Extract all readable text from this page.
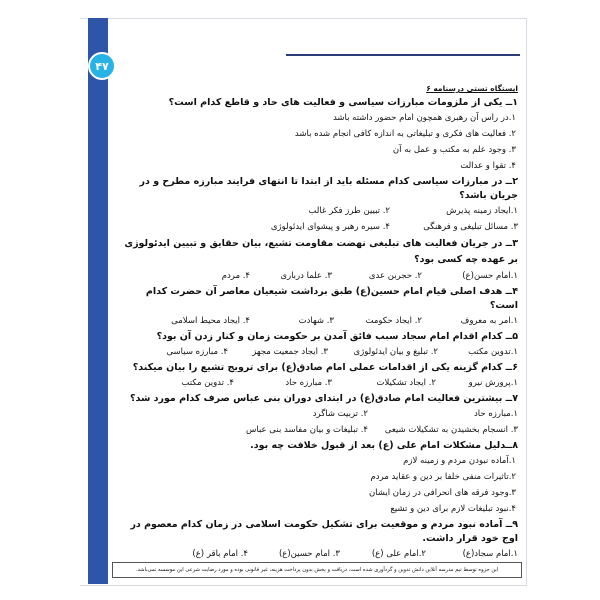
۴۷
ایستگاه تستی درسنامه ۶
۱ــ یکی از ملزومات مبارزات سیاسی و فعالیت های حاد و قاطع کدام است؟
۱.در راس آن رهبری همچون امام حضور داشته باشد
۲. فعالیت های فکری و تبلیغاتی به اندازه کافی انجام شده باشد
۳. وجود علم به مکتب و عمل به آن
۴. تقوا و عدالت
۲ــ در مبارزات سیاسی کدام مسئله باید از ابتدا تا انتهای فرایند مبارزه مطرح و در جریان باشد؟
۱.ایجاد زمینه پذیرش
۲. تبیین طرز فکر غالب
۳. مسائل تبلیغی و فرهنگی
۴. سیره رهبر و پیشوای ایدئولوژی
۳ــ در جریان فعالیت های تبلیغی نهضت مقاومت تشیع، بیان حقایق و تبیین ایدئولوژی بر عهده چه کسی بود؟
۱.امام حسن(ع)
۲. حجربن عدی
۳. علما درباری
۴. مردم
۴ــ هدف اصلی قیام امام حسین(ع) طبق برداشت شیعیان معاصر آن حضرت کدام است؟
۱.امر به معروف
۲. ایجاد حکومت
۳. شهادت
۴. ایجاد محیط اسلامی
۵ــ کدام اقدام امام سجاد سبب فائق آمدن بر حکومت زمان و کنار زدن آن بود؟
۱.تدوین مکتب
۲. تبلیغ و بیان ایدئولوژی
۳. ایجاد جمعیت مجهز
۴. مبارزه سیاسی
۶ــ کدام گزینه یکی از اقدامات عملی امام صادق(ع) برای ترویج تشیع را بیان میکند؟
۱.پرورش نیرو
۲. ایجاد تشکیلات
۳. مبارزه حاد
۴. تدوین مکتب
۷ــ بیشترین فعالیت امام صادق(ع) در ابتدای دوران بنی عباس صرف کدام مورد شد؟
۱.مبارزه حاد
۲. تربیت شاگرد
۳. انسجام بخشیدن به تشکیلات شیعی
۴. تبلیغات و بیان مفاسد بنی عباس
۸ــدلیل مشکلات امام علی (ع) بعد از قبول خلافت چه بود.
۱.آماده نبودن مردم و زمینه لازم
۲.تاثیرات منفی خلفا بر دین و عقاید مردم
۳.وجود فرقه های انحرافی در زمان ایشان
۴.نبود تبلیغات لازم برای دین و تشیع
۹ــ آماده نبود مردم و موقعیت برای تشکیل حکومت اسلامی در زمان کدام معصوم در اوج خود قرار داشت.
۱.امام سجاد(ع)
۲.امام علی (ع)
۳. امام حسین(ع)
۴. امام باقر (ع)
این جزوه توسط تیم مدرسه آنلاین دانش تدوین و گردآوری شده است، دریافت و پخش بدون پرداخت هزینه، غیر قانونی بوده و مورد رضایت شرعی این موسسه نمی‌باشد.
